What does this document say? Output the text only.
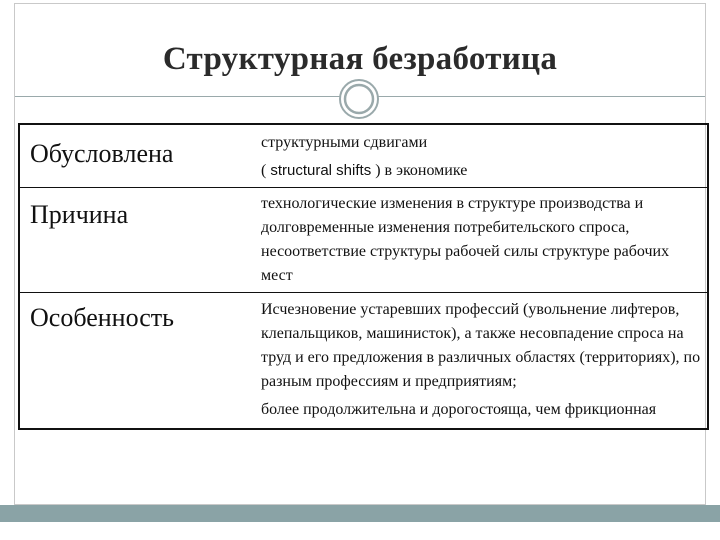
Структурная безработица
Обусловлена	структурными сдвигами
( structural shifts ) в экономике

Причина	технологические изменения в структуре производства и долговременные изменения потребительского спроса, несоответствие структуры рабочей силы структуре рабочих мест
Особенность	Исчезновение устаревших профессий (увольнение лифтеров, клепальщиков, машинисток), а также несовпадение спроса на труд и его предложения в различных областях (территориях), по разным профессиям и предприятиям;
более продолжительна и дорогостояща, чем фрикционная
